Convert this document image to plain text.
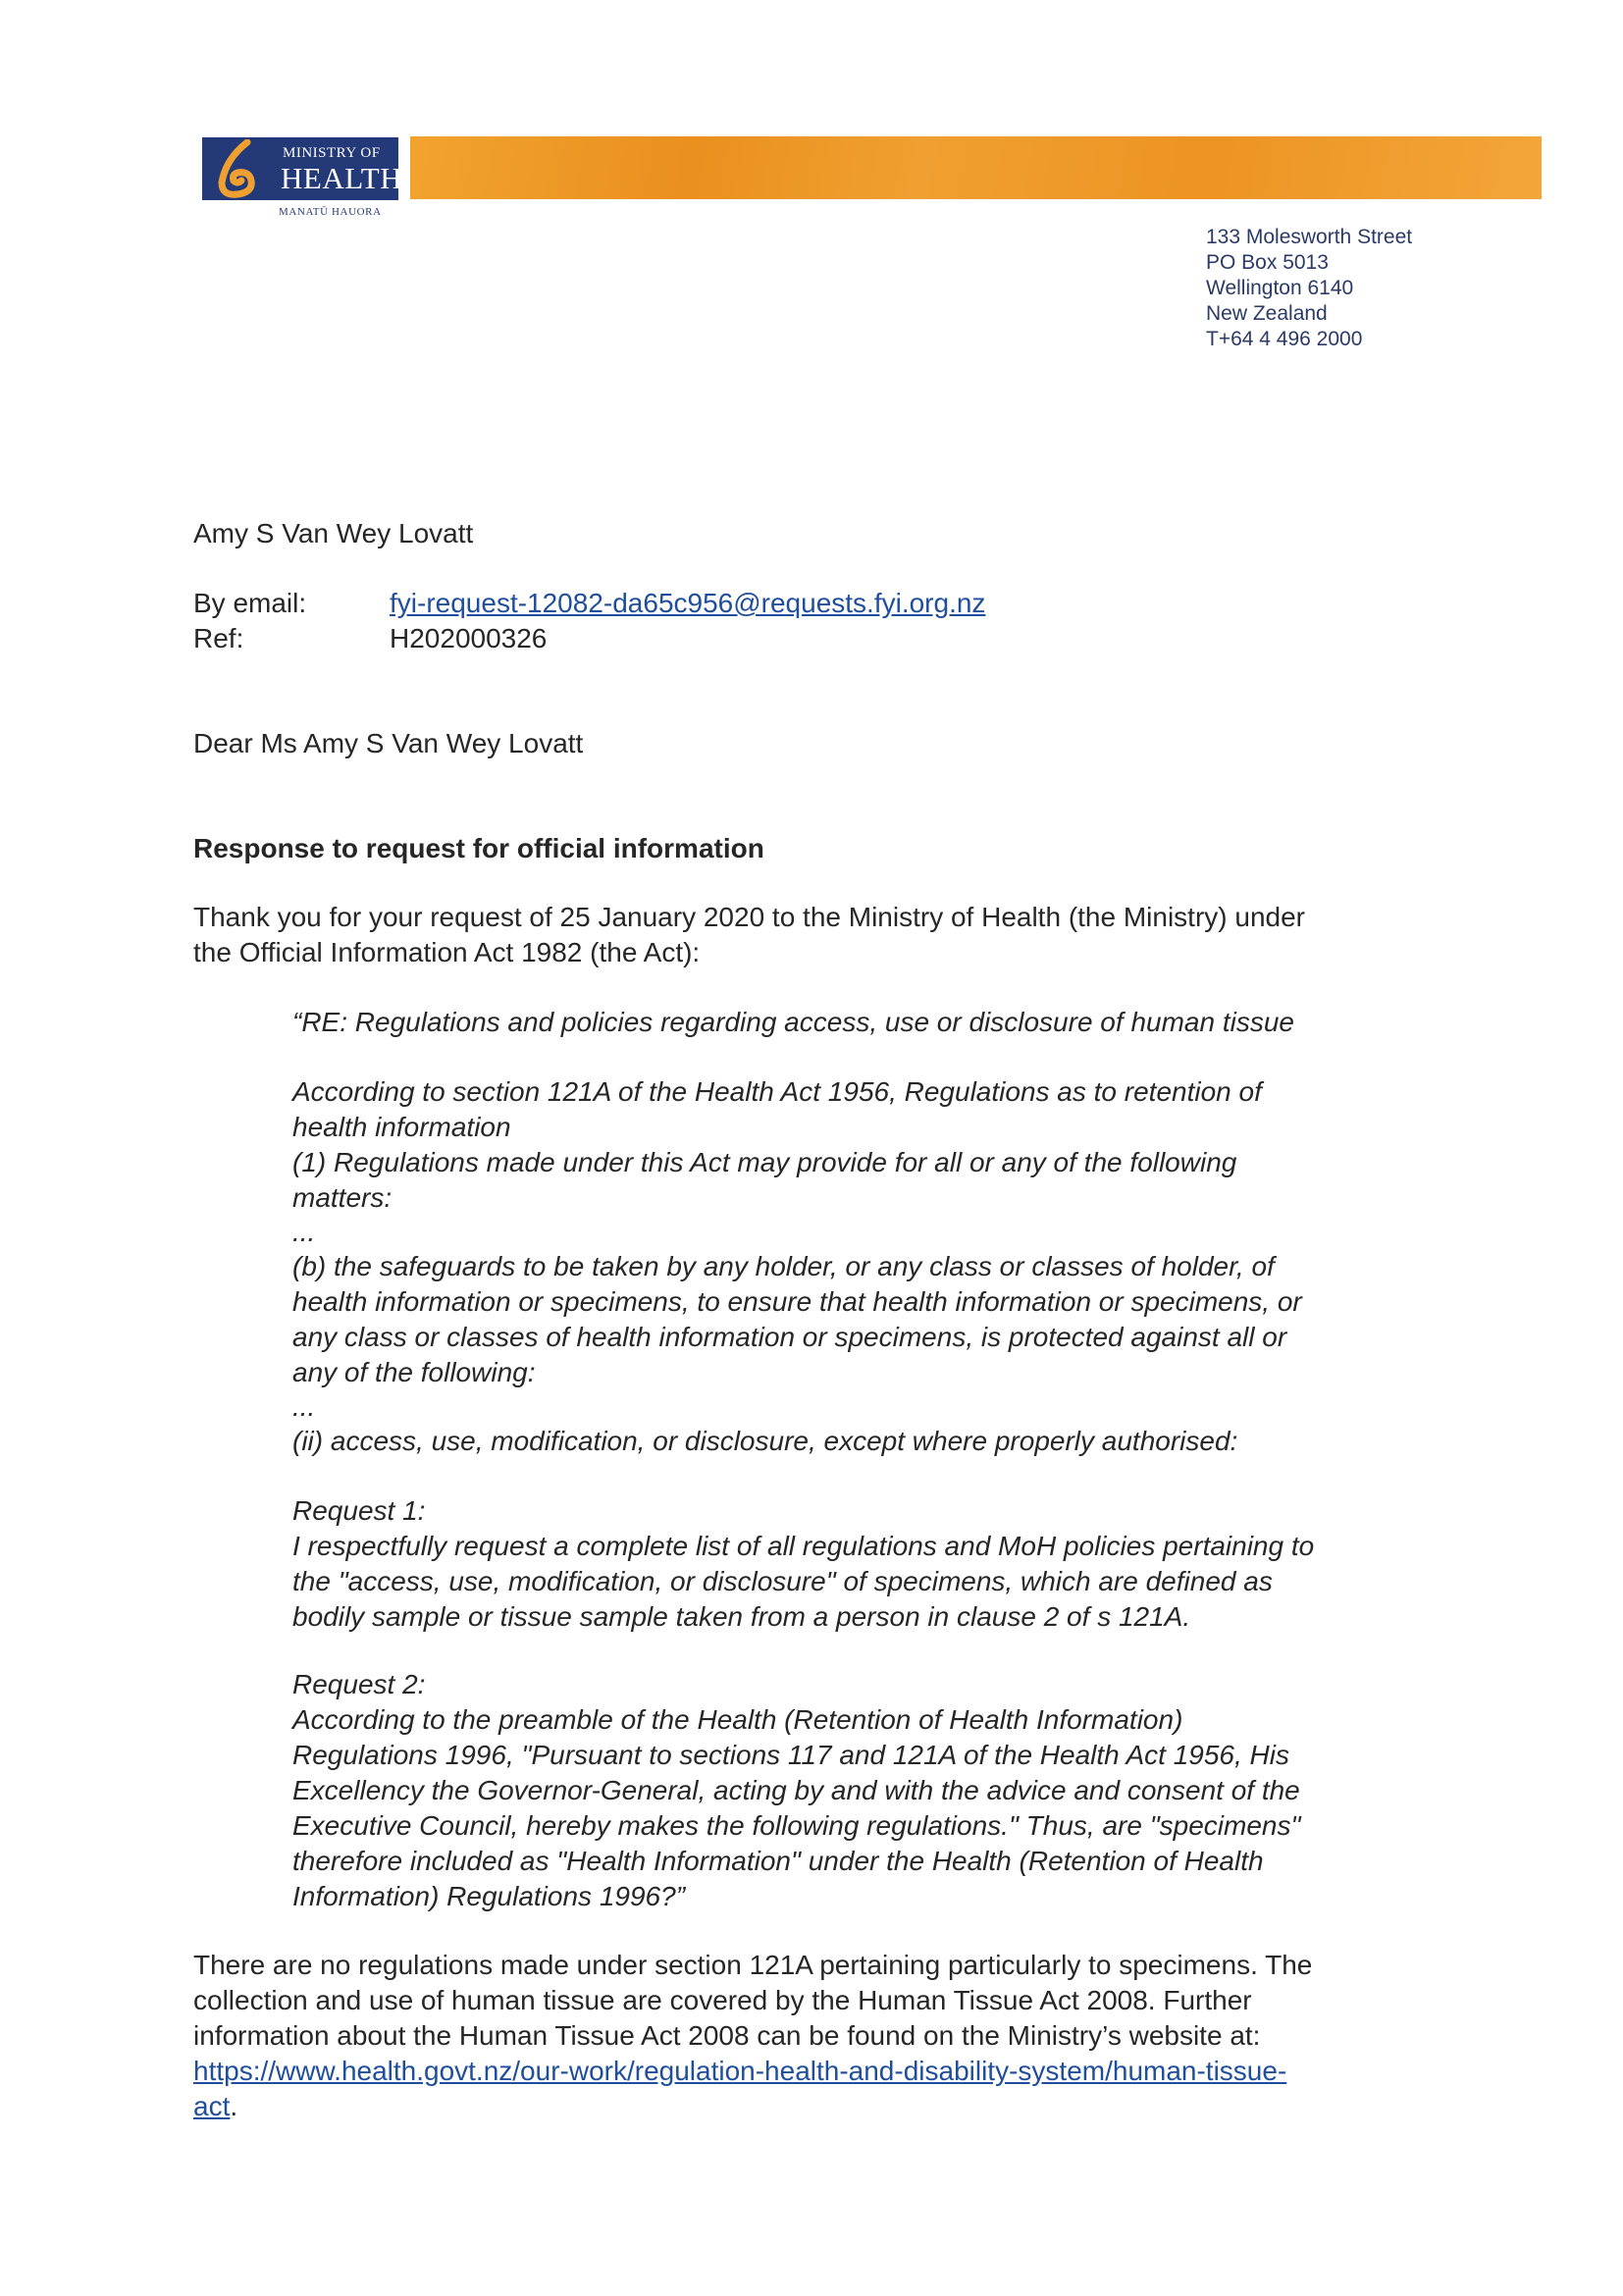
MINISTRY OF
HEALTH
MANATŪ HAUORA
133 Molesworth Street
PO Box 5013
Wellington 6140
New Zealand
T+64 4 496 2000
Amy S Van Wey Lovatt
By email:	fyi-request-12082-da65c956@requests.fyi.org.nz
Ref:	H202000326
Dear Ms Amy S Van Wey Lovatt
Response to request for official information
Thank you for your request of 25 January 2020 to the Ministry of Health (the Ministry) under
the Official Information Act 1982 (the Act):
“RE: Regulations and policies regarding access, use or disclosure of human tissue
According to section 121A of the Health Act 1956, Regulations as to retention of
health information
(1) Regulations made under this Act may provide for all or any of the following
matters:
...
(b) the safeguards to be taken by any holder, or any class or classes of holder, of
health information or specimens, to ensure that health information or specimens, or
any class or classes of health information or specimens, is protected against all or
any of the following:
...
(ii) access, use, modification, or disclosure, except where properly authorised:
Request 1:
I respectfully request a complete list of all regulations and MoH policies pertaining to
the "access, use, modification, or disclosure" of specimens, which are defined as
bodily sample or tissue sample taken from a person in clause 2 of s 121A.
Request 2:
According to the preamble of the Health (Retention of Health Information)
Regulations 1996, "Pursuant to sections 117 and 121A of the Health Act 1956, His
Excellency the Governor-General, acting by and with the advice and consent of the
Executive Council, hereby makes the following regulations." Thus, are "specimens"
therefore included as "Health Information" under the Health (Retention of Health
Information) Regulations 1996?”
There are no regulations made under section 121A pertaining particularly to specimens. The
collection and use of human tissue are covered by the Human Tissue Act 2008. Further
information about the Human Tissue Act 2008 can be found on the Ministry’s website at:
https://www.health.govt.nz/our-work/regulation-health-and-disability-system/human-tissue-
act.
